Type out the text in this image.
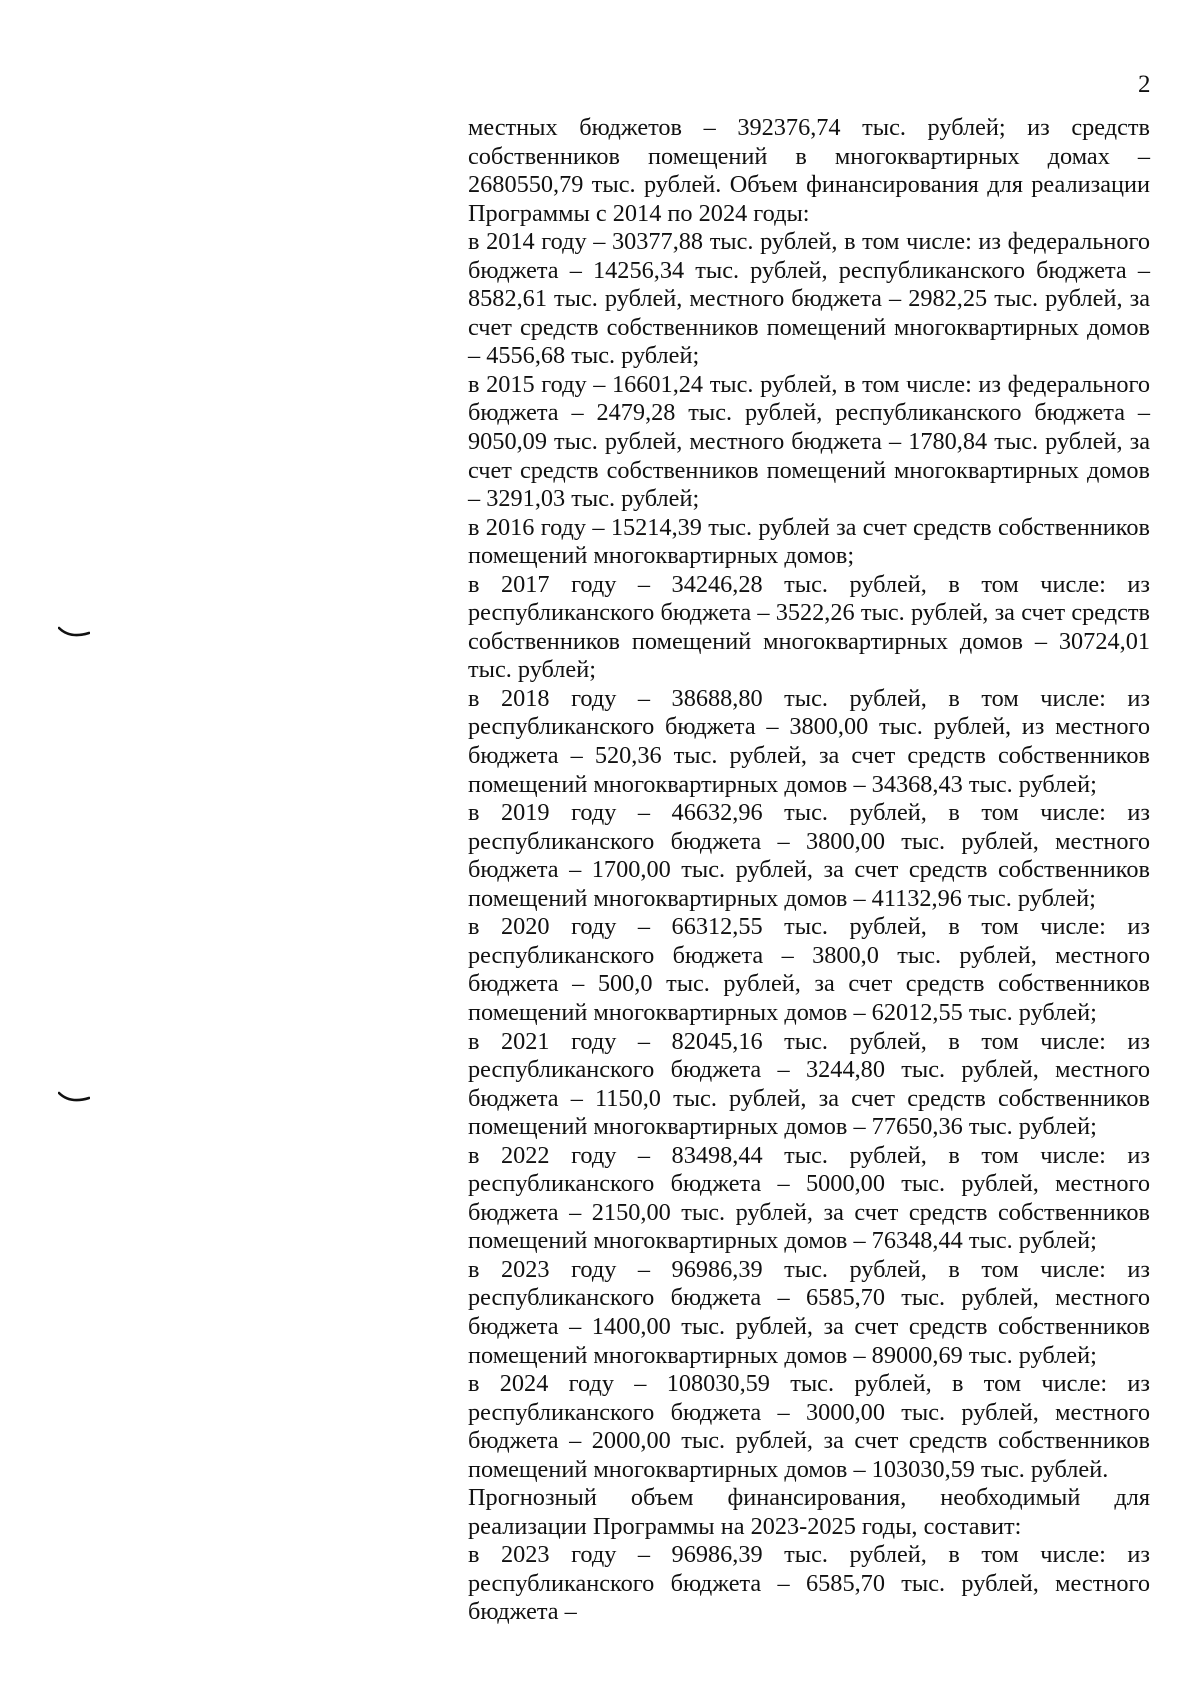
2

местных бюджетов – 392376,74 тыс. рублей; из средств собственников помещений в многоквартирных домах – 2680550,79 тыс. рублей. Объем финансирования для реализации Программы с 2014 по 2024 годы:

в 2014 году – 30377,88 тыс. рублей, в том числе: из федерального бюджета – 14256,34 тыс. рублей, республиканского бюджета – 8582,61 тыс. рублей, местного бюджета – 2982,25 тыс. рублей, за счет средств собственников помещений многоквартирных домов – 4556,68 тыс. рублей;

в 2015 году – 16601,24 тыс. рублей, в том числе: из федерального бюджета – 2479,28 тыс. рублей, республиканского бюджета – 9050,09 тыс. рублей, местного бюджета – 1780,84 тыс. рублей, за счет средств собственников помещений многоквартирных домов – 3291,03 тыс. рублей;

в 2016 году – 15214,39 тыс. рублей за счет средств собственников помещений многоквартирных домов;

в 2017 году – 34246,28 тыс. рублей, в том числе: из республиканского бюджета – 3522,26 тыс. рублей, за счет средств собственников помещений многоквартирных домов – 30724,01 тыс. рублей;

в 2018 году – 38688,80 тыс. рублей, в том числе: из республиканского бюджета – 3800,00 тыс. рублей, из местного бюджета – 520,36 тыс. рублей, за счет средств собственников помещений многоквартирных домов – 34368,43 тыс. рублей;

в 2019 году – 46632,96 тыс. рублей, в том числе: из республиканского бюджета – 3800,00 тыс. рублей, местного бюджета – 1700,00 тыс. рублей, за счет средств собственников помещений многоквартирных домов – 41132,96 тыс. рублей;

в 2020 году – 66312,55 тыс. рублей, в том числе: из республиканского бюджета – 3800,0 тыс. рублей, местного бюджета – 500,0 тыс. рублей, за счет средств собственников помещений многоквартирных домов – 62012,55 тыс. рублей;

в 2021 году – 82045,16 тыс. рублей, в том числе: из республиканского бюджета – 3244,80 тыс. рублей, местного бюджета – 1150,0 тыс. рублей, за счет средств собственников помещений многоквартирных домов – 77650,36 тыс. рублей;

в 2022 году – 83498,44 тыс. рублей, в том числе: из республиканского бюджета – 5000,00 тыс. рублей, местного бюджета – 2150,00 тыс. рублей, за счет средств собственников помещений многоквартирных домов – 76348,44 тыс. рублей;

в 2023 году – 96986,39 тыс. рублей, в том числе: из республиканского бюджета – 6585,70 тыс. рублей, местного бюджета – 1400,00 тыс. рублей, за счет средств собственников помещений многоквартирных домов – 89000,69 тыс. рублей;

в 2024 году – 108030,59 тыс. рублей, в том числе: из республиканского бюджета – 3000,00 тыс. рублей, местного бюджета – 2000,00 тыс. рублей, за счет средств собственников помещений многоквартирных домов – 103030,59 тыс. рублей.

Прогнозный объем финансирования, необходимый для реализации Программы на 2023-2025 годы, составит:

в 2023 году – 96986,39 тыс. рублей, в том числе: из республиканского бюджета – 6585,70 тыс. рублей, местного бюджета –
